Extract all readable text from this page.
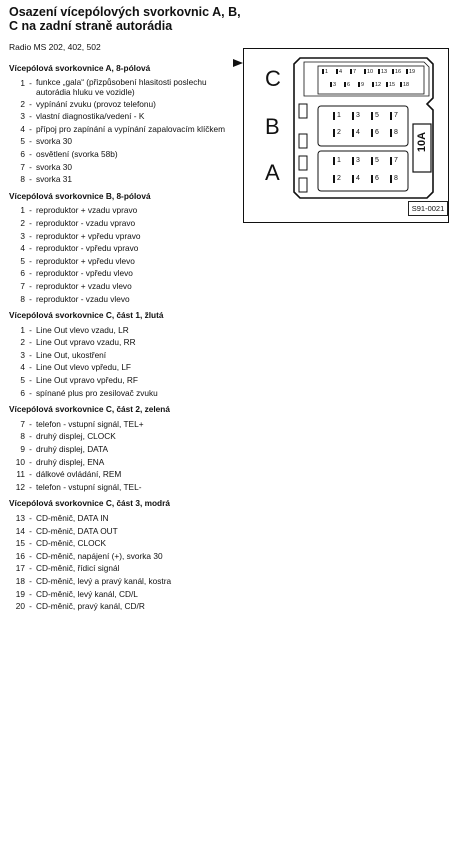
Osazení vícepólových svorkovnic A, B, C na zadní straně autorádia

Radio MS 202, 402, 502

Vícepólová svorkovnice A, 8-pólová

1 - funkce „gala“ (přizpůsobení hlasitosti poslechu autorádia hluku ve vozidle)
2 - vypínání zvuku (provoz telefonu)
3 - vlastní diagnostika/vedení - K
4 - přípoj pro zapínání a vypínání zapalovacím klíčkem
5 - svorka 30
6 - osvětlení (svorka 58b)
7 - svorka 30
8 - svorka 31

Vícepólová svorkovnice B, 8-pólová

1 - reproduktor + vzadu vpravo
2 - reproduktor - vzadu vpravo
3 - reproduktor + vpředu vpravo
4 - reproduktor - vpředu vpravo
5 - reproduktor + vpředu vlevo
6 - reproduktor - vpředu vlevo
7 - reproduktor + vzadu vlevo
8 - reproduktor - vzadu vlevo

Vícepólová svorkovnice C, část 1, žlutá

1 - Line Out vlevo vzadu, LR
2 - Line Out vpravo vzadu, RR
3 - Line Out, ukostření
4 - Line Out vlevo vpředu, LF
5 - Line Out vpravo vpředu, RF
6 - spínané plus pro zesilovač zvuku

Vícepólová svorkovnice C, část 2, zelená

7 - telefon - vstupní signál, TEL+
8 - druhý displej, CLOCK
9 - druhý displej, DATA
10 - druhý displej, ENA
11 - dálkové ovládání, REM
12 - telefon - vstupní signál, TEL-

Vícepólová svorkovnice C, část 3, modrá

13 - CD-měnič, DATA IN
14 - CD-měnič, DATA OUT
15 - CD-měnič, CLOCK
16 - CD-měnič, napájení (+), svorka 30
17 - CD-měnič, řídicí signál
18 - CD-měnič, levý a pravý kanál, kostra
19 - CD-měnič, levý kanál, CD/L
20 - CD-měnič, pravý kanál, CD/R
C
B
A
10A
S91-0021
1 4 7 10 13 16 19
3 6 9 12 15 18
1
1
3
3
5
5
7
7
2
2
4
4
6
6
8
8
